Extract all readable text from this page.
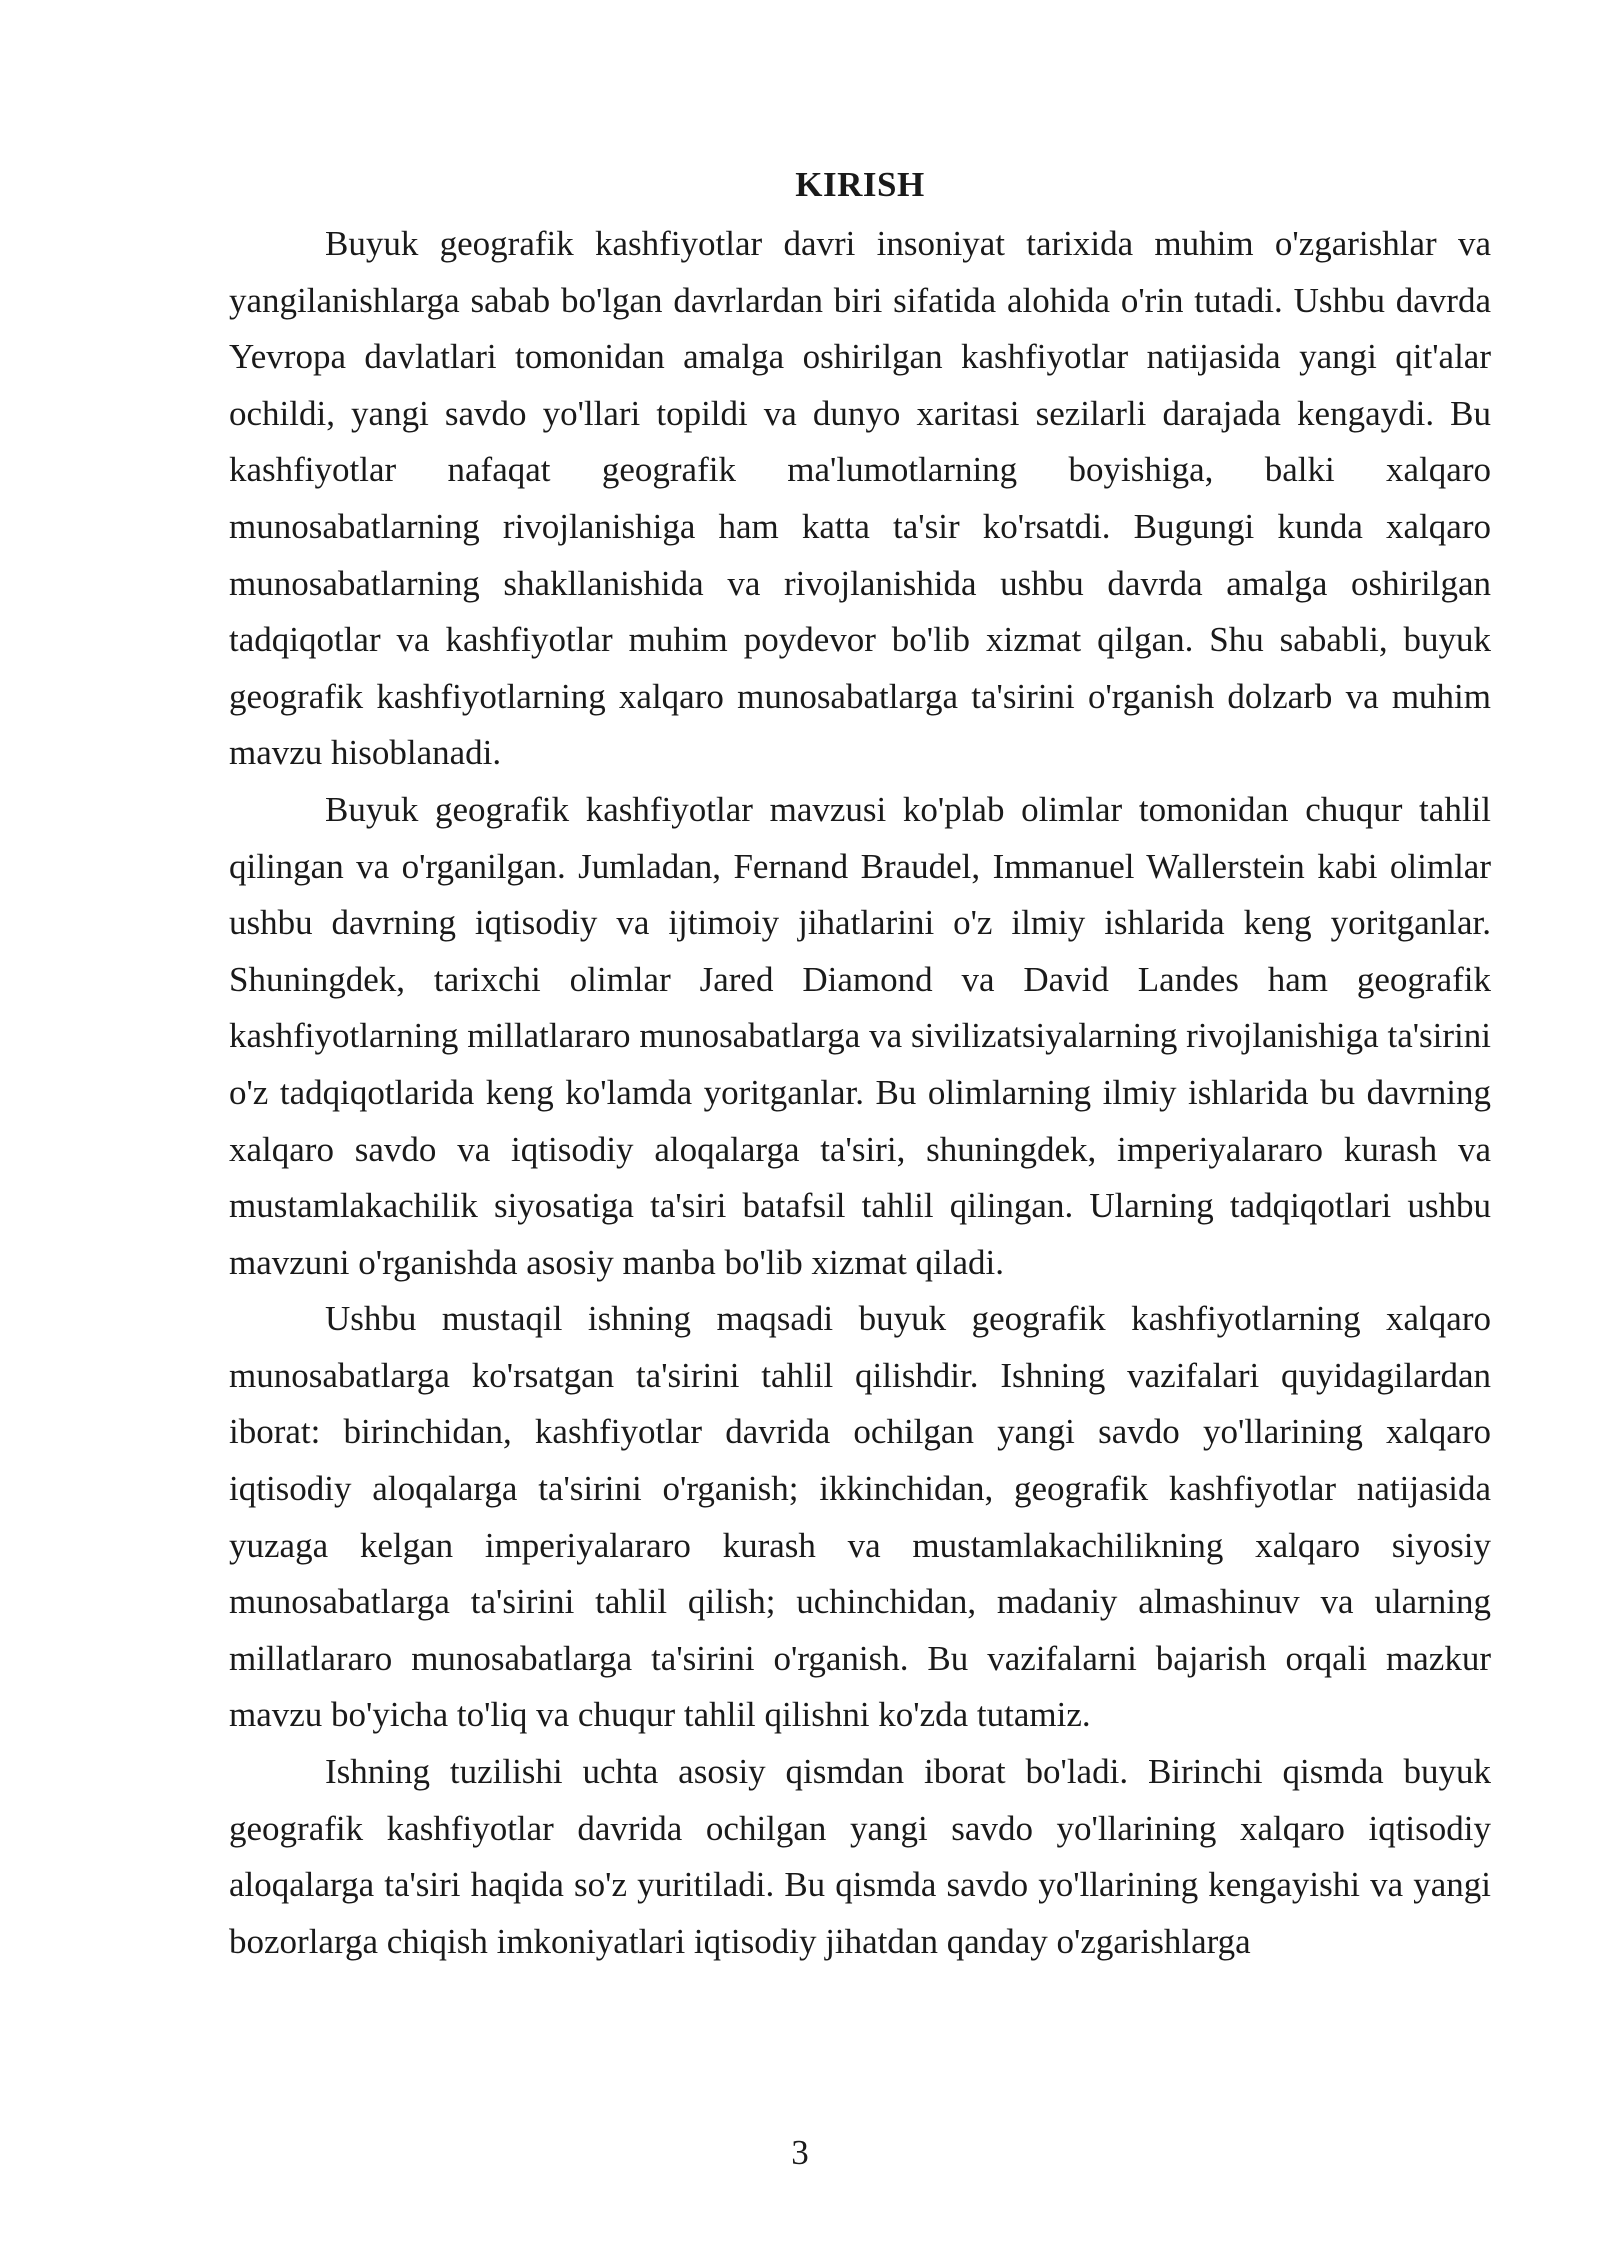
KIRISH

Buyuk geografik kashfiyotlar davri insoniyat tarixida muhim o'zgarishlar va yangilanishlarga sabab bo'lgan davrlardan biri sifatida alohida o'rin tutadi. Ushbu davrda Yevropa davlatlari tomonidan amalga oshirilgan kashfiyotlar natijasida yangi qit'alar ochildi, yangi savdo yo'llari topildi va dunyo xaritasi sezilarli darajada kengaydi. Bu kashfiyotlar nafaqat geografik ma'lumotlarning boyishiga, balki xalqaro munosabatlarning rivojlanishiga ham katta ta'sir ko'rsatdi. Bugungi kunda xalqaro munosabatlarning shakllanishida va rivojlanishida ushbu davrda amalga oshirilgan tadqiqotlar va kashfiyotlar muhim poydevor bo'lib xizmat qilgan. Shu sababli, buyuk geografik kashfiyotlarning xalqaro munosabatlarga ta'sirini o'rganish dolzarb va muhim mavzu hisoblanadi.

Buyuk geografik kashfiyotlar mavzusi ko'plab olimlar tomonidan chuqur tahlil qilingan va o'rganilgan. Jumladan, Fernand Braudel, Immanuel Wallerstein kabi olimlar ushbu davrning iqtisodiy va ijtimoiy jihatlarini o'z ilmiy ishlarida keng yoritganlar. Shuningdek, tarixchi olimlar Jared Diamond va David Landes ham geografik kashfiyotlarning millatlararo munosabatlarga va sivilizatsiyalarning rivojlanishiga ta'sirini o'z tadqiqotlarida keng ko'lamda yoritganlar. Bu olimlarning ilmiy ishlarida bu davrning xalqaro savdo va iqtisodiy aloqalarga ta'siri, shuningdek, imperiyalararo kurash va mustamlakachilik siyosatiga ta'siri batafsil tahlil qilingan. Ularning tadqiqotlari ushbu mavzuni o'rganishda asosiy manba bo'lib xizmat qiladi.

Ushbu mustaqil ishning maqsadi buyuk geografik kashfiyotlarning xalqaro munosabatlarga ko'rsatgan ta'sirini tahlil qilishdir. Ishning vazifalari quyidagilardan iborat: birinchidan, kashfiyotlar davrida ochilgan yangi savdo yo'llarining xalqaro iqtisodiy aloqalarga ta'sirini o'rganish; ikkinchidan, geografik kashfiyotlar natijasida yuzaga kelgan imperiyalararo kurash va mustamlakachilikning xalqaro siyosiy munosabatlarga ta'sirini tahlil qilish; uchinchidan, madaniy almashinuv va ularning millatlararo munosabatlarga ta'sirini o'rganish. Bu vazifalarni bajarish orqali mazkur mavzu bo'yicha to'liq va chuqur tahlil qilishni ko'zda tutamiz.

Ishning tuzilishi uchta asosiy qismdan iborat bo'ladi. Birinchi qismda buyuk geografik kashfiyotlar davrida ochilgan yangi savdo yo'llarining xalqaro iqtisodiy aloqalarga ta'siri haqida so'z yuritiladi. Bu qismda savdo yo'llarining kengayishi va yangi bozorlarga chiqish imkoniyatlari iqtisodiy jihatdan qanday o'zgarishlarga

3
